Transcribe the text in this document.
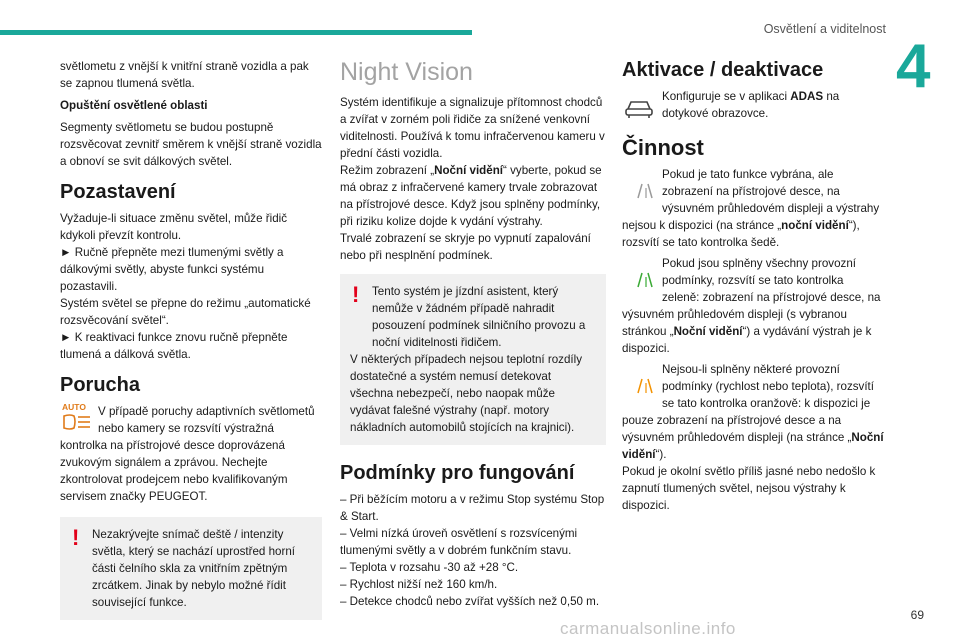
Osvětlení a viditelnost
4
69
carmanualsonline.info

světlometu z vnější k vnitřní straně vozidla a pak se zapnou tlumená světla.

Opuštění osvětlené oblasti

Segmenty světlometu se budou postupně rozsvěcovat zevnitř směrem k vnější straně vozidla a obnoví se svit dálkových světel.

Pozastavení

Vyžaduje-li situace změnu světel, může řidič kdykoli převzít kontrolu.
► Ručně přepněte mezi tlumenými světly a dálkovými světly, abyste funkci systému pozastavili.
Systém světel se přepne do režimu „automatické rozsvěcování světel“.
► K reaktivaci funkce znovu ručně přepněte tlumená a dálková světla.

Porucha
AUTO V případě poruchy adaptivních světlometů nebo kamery se rozsvítí výstražná kontrolka na přístrojové desce doprovázená zvukovým signálem a zprávou. Nechejte zkontrolovat prodejcem nebo kvalifikovaným servisem značky PEUGEOT.
!	Nezakrývejte snímač deště / intenzity světla, který se nachází uprostřed horní části čelního skla za vnitřním zpětným zrcátkem. Jinak by nebylo možné řídit související funkce.

Night Vision

Systém identifikuje a signalizuje přítomnost chodců a zvířat v zorném poli řidiče za snížené venkovní viditelnosti. Používá k tomu infračervenou kameru v přední části vozidla.
Režim zobrazení „Noční vidění“ vyberte, pokud se má obraz z infračervené kamery trvale zobrazovat na přístrojové desce. Když jsou splněny podmínky, při riziku kolize dojde k vydání výstrahy.
Trvalé zobrazení se skryje po vypnutí zapalování nebo při nesplnění podmínek.

!	Tento systém je jízdní asistent, který nemůže v žádném případě nahradit posouzení podmínek silničního provozu a noční viditelnosti řidičem.

V některých případech nejsou teplotní rozdíly dostatečné a systém nemusí detekovat všechna nebezpečí, nebo naopak může vydávat falešné výstrahy (např. motory nákladních automobilů stojících na krajnici).

Podmínky pro fungování
– Při běžícím motoru a v režimu Stop systému Stop & Start.
– Velmi nízká úroveň osvětlení s rozsvícenými tlumenými světly a v dobrém funkčním stavu.
– Teplota v rozsahu -30 až +28 °C.
– Rychlost nižší než 160 km/h.
– Detekce chodců nebo zvířat vyšších než 0,50 m.
Aktivace / deaktivace
Konfiguruje se v aplikaci ADAS na dotykové obrazovce.
Činnost
Pokud je tato funkce vybrána, ale zobrazení na přístrojové desce, na výsuvném průhledovém displeji a výstrahy nejsou k dispozici (na stránce „noční vidění“), rozsvítí se tato kontrolka šedě.
Pokud jsou splněny všechny provozní podmínky, rozsvítí se tato kontrolka zeleně: zobrazení na přístrojové desce, na výsuvném průhledovém displeji (s vybranou stránkou „Noční vidění“) a vydávání výstrah je k dispozici.
Nejsou-li splněny některé provozní podmínky (rychlost nebo teplota), rozsvítí se tato kontrolka oranžově: k dispozici je pouze zobrazení na přístrojové desce a na výsuvném průhledovém displeji (na stránce „Noční vidění“).
Pokud je okolní světlo příliš jasné nebo nedošlo k zapnutí tlumených světel, nejsou výstrahy k dispozici.
